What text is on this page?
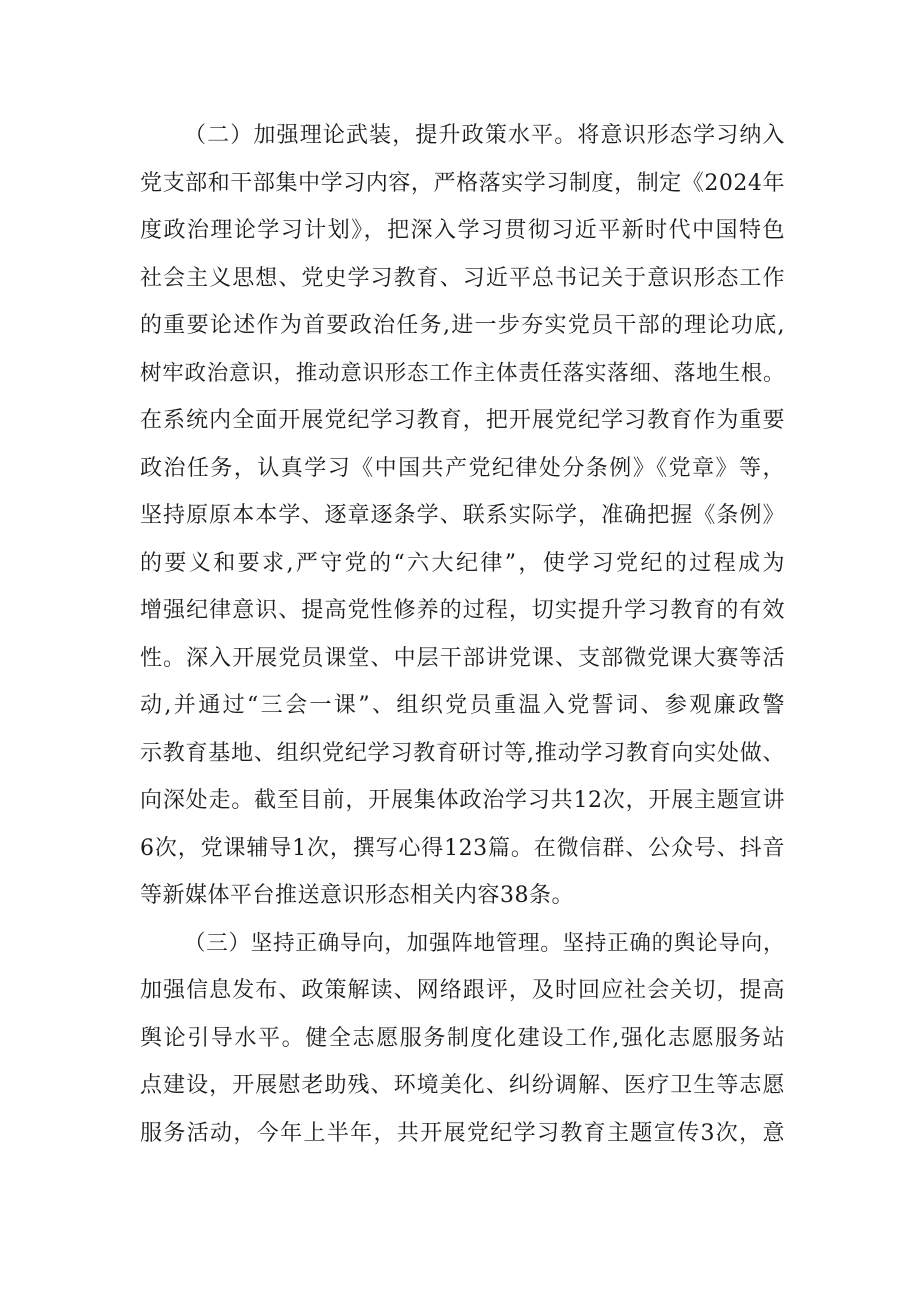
（二）加强理论武装，提升政策水平。将意识形态学习纳入
党支部和干部集中学习内容，严格落实学习制度，制定《2024年
度政治理论学习计划》，把深入学习贯彻习近平新时代中国特色
社会主义思想、党史学习教育、习近平总书记关于意识形态工作
的重要论述作为首要政治任务,进一步夯实党员干部的理论功底,
树牢政治意识，推动意识形态工作主体责任落实落细、落地生根。
在系统内全面开展党纪学习教育，把开展党纪学习教育作为重要
政治任务，认真学习《中国共产党纪律处分条例》《党章》等，
坚持原原本本学、逐章逐条学、联系实际学，准确把握《条例》
的要义和要求,严守党的“六大纪律”，使学习党纪的过程成为
增强纪律意识、提高党性修养的过程，切实提升学习教育的有效
性。深入开展党员课堂、中层干部讲党课、支部微党课大赛等活
动,并通过“三会一课”、组织党员重温入党誓词、参观廉政警
示教育基地、组织党纪学习教育研讨等,推动学习教育向实处做、
向深处走。截至目前，开展集体政治学习共12次，开展主题宣讲
6次，党课辅导1次，撰写心得123篇。在微信群、公众号、抖音
等新媒体平台推送意识形态相关内容38条。
（三）坚持正确导向，加强阵地管理。坚持正确的舆论导向，
加强信息发布、政策解读、网络跟评，及时回应社会关切，提高
舆论引导水平。健全志愿服务制度化建设工作,强化志愿服务站
点建设，开展慰老助残、环境美化、纠纷调解、医疗卫生等志愿
服务活动，今年上半年，共开展党纪学习教育主题宣传3次，意
